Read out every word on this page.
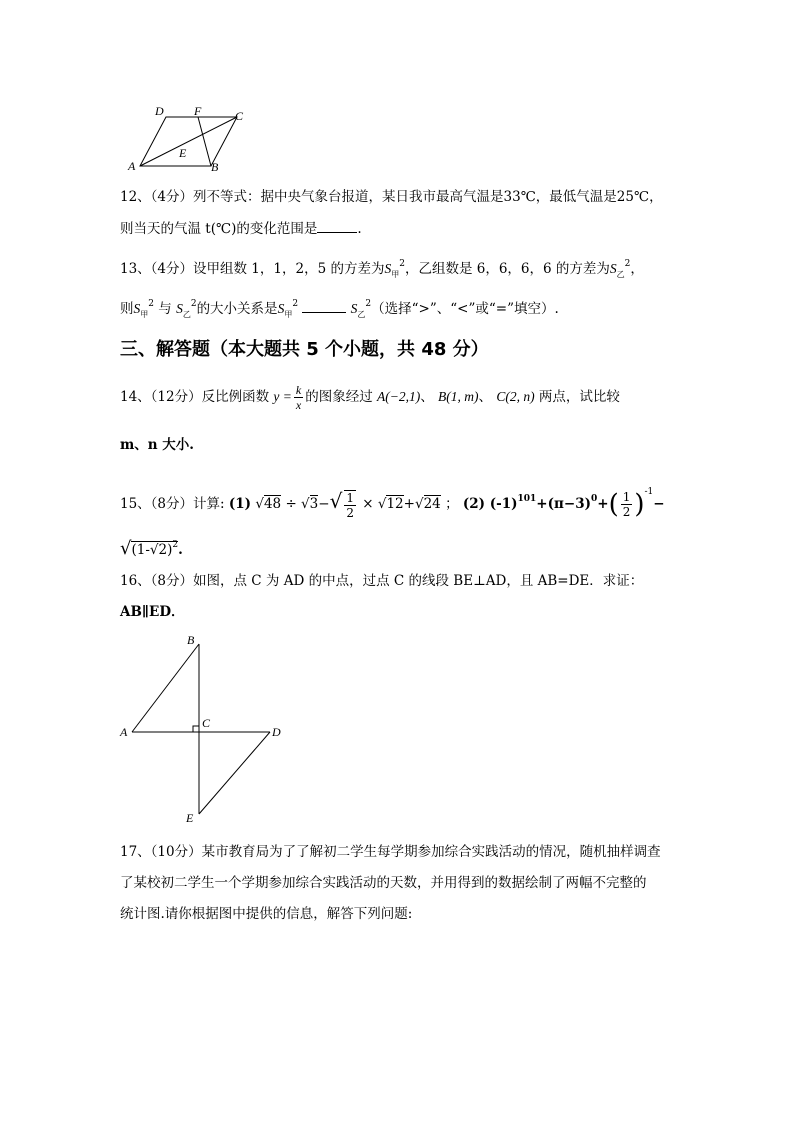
D	F	C
A
E
B
12、（4分）列不等式：据中央气象台报道，某日我市最高气温是33℃，最低气温是25℃，
则当天的气温 t(℃)的变化范围是	.
13、（4分）设甲组数 1，1，2，5 的方差为$S_甲^2$，乙组数是 6，6，6，6 的方差为$S_乙^2$，
则$S_甲^2$ 与 $S_乙^2$的大小关系是$S_甲^2$	$S_乙^2$（选择“>”、“<”或“=”填空）.
三、解答题（本大题共 5 个小题，共 48 分）
14、（12分）反比例函数 $y = \frac{k}{x}$ 的图象经过 A(−2,1)、 B(1, m)、 C(2, n) 两点，试比较
m、n 大小.
15、（8分）计算: (1) $√48 \div √3-√ \frac{1}{2} \times √12+√24$ ； (2) $(-1)^{101}+(\pi-3)^0+( \frac{1}{2} )^{-1}-$
$√(1-√2)^2$.
16、（8分）如图，点 C 为 AD 的中点，过点 C 的线段 BE⊥AD，且 AB=DE．求证：
AB∥ED．
B
A
C
D
E
17、（10分）某市教育局为了了解初二学生每学期参加综合实践活动的情况，随机抽样调查
了某校初二学生一个学期参加综合实践活动的天数，并用得到的数据绘制了两幅不完整的
统计图.请你根据图中提供的信息，解答下列问题:
